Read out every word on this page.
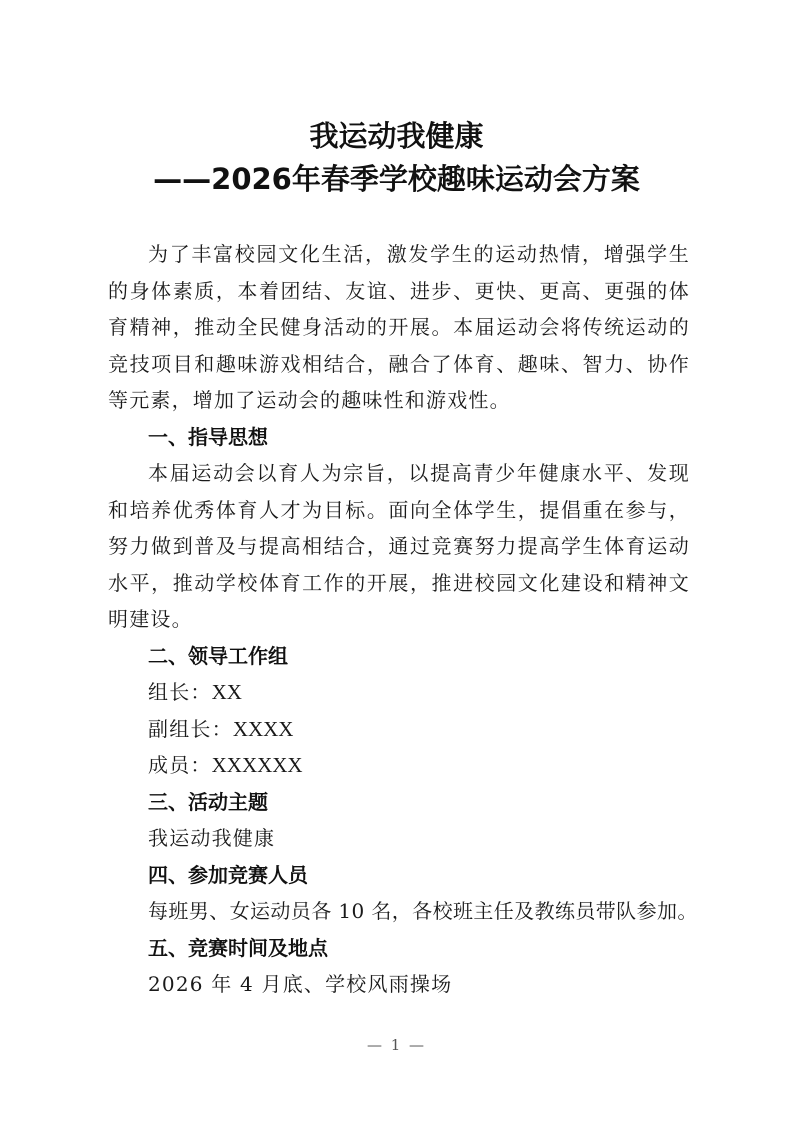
我运动我健康
——2026年春季学校趣味运动会方案

为了丰富校园文化生活，激发学生的运动热情，增强学生的身体素质，本着团结、友谊、进步、更快、更高、更强的体育精神，推动全民健身活动的开展。本届运动会将传统运动的竞技项目和趣味游戏相结合，融合了体育、趣味、智力、协作等元素，增加了运动会的趣味性和游戏性。

一、指导思想

本届运动会以育人为宗旨，以提高青少年健康水平、发现和培养优秀体育人才为目标。面向全体学生，提倡重在参与，努力做到普及与提高相结合，通过竞赛努力提高学生体育运动水平，推动学校体育工作的开展，推进校园文化建设和精神文明建设。

二、领导工作组

组长：XX

副组长：XXXX

成员：XXXXXX

三、活动主题

我运动我健康

四、参加竞赛人员

每班男、女运动员各 10 名，各校班主任及教练员带队参加。

五、竞赛时间及地点

2026 年 4 月底、学校风雨操场

— 1 —
